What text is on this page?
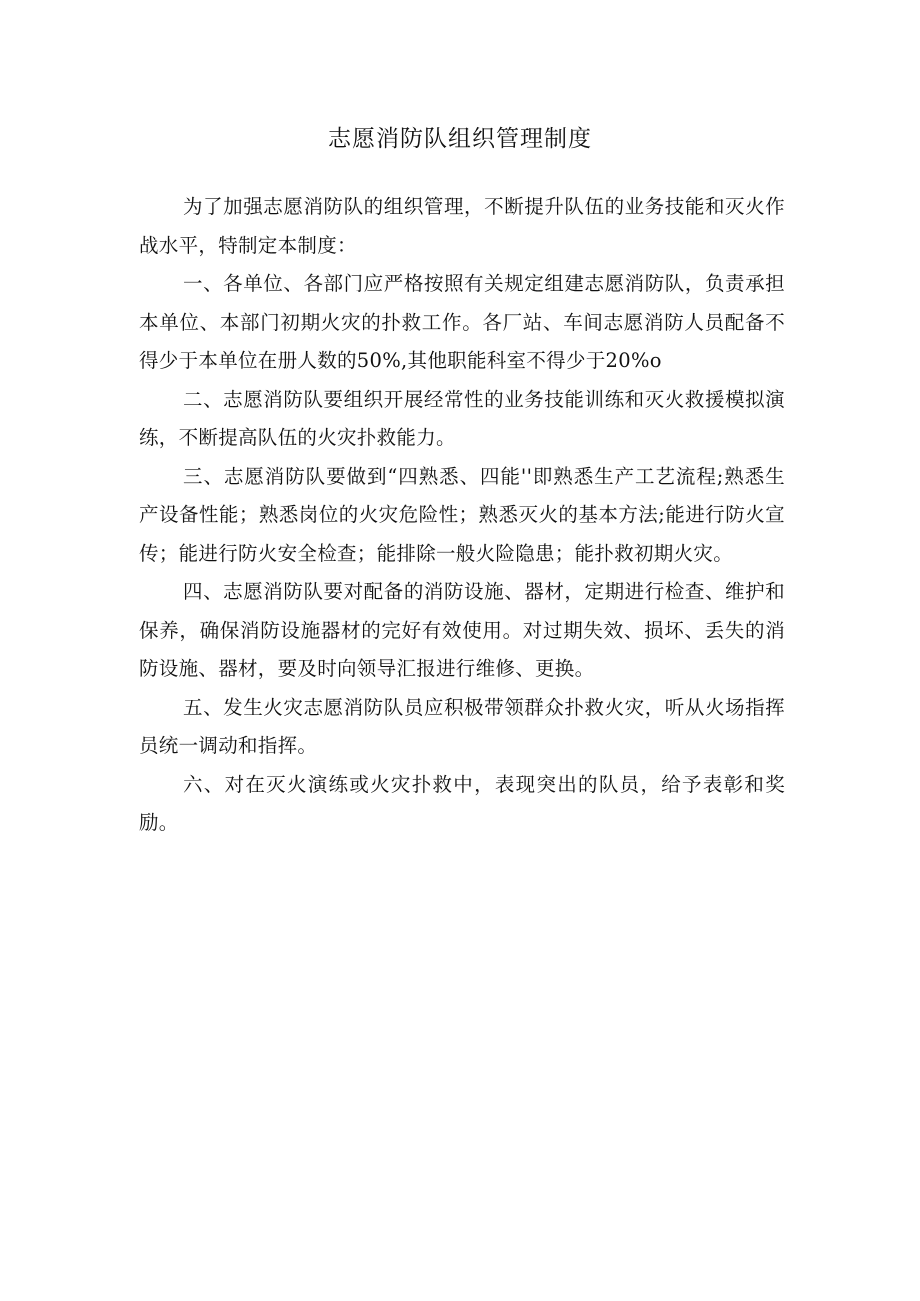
志愿消防队组织管理制度

为了加强志愿消防队的组织管理，不断提升队伍的业务技能和灭火作战水平，特制定本制度：

一、各单位、各部门应严格按照有关规定组建志愿消防队，负责承担本单位、本部门初期火灾的扑救工作。各厂站、车间志愿消防人员配备不得少于本单位在册人数的50%,其他职能科室不得少于20%o

二、志愿消防队要组织开展经常性的业务技能训练和灭火救援模拟演练，不断提高队伍的火灾扑救能力。

三、志愿消防队要做到“四熟悉、四能''即熟悉生产工艺流程;熟悉生产设备性能；熟悉岗位的火灾危险性；熟悉灭火的基本方法;能进行防火宣传；能进行防火安全检查；能排除一般火险隐患；能扑救初期火灾。

四、志愿消防队要对配备的消防设施、器材，定期进行检查、维护和保养，确保消防设施器材的完好有效使用。对过期失效、损坏、丢失的消防设施、器材，要及时向领导汇报进行维修、更换。

五、发生火灾志愿消防队员应积极带领群众扑救火灾，听从火场指挥员统一调动和指挥。

六、对在灭火演练或火灾扑救中，表现突出的队员，给予表彰和奖励。
